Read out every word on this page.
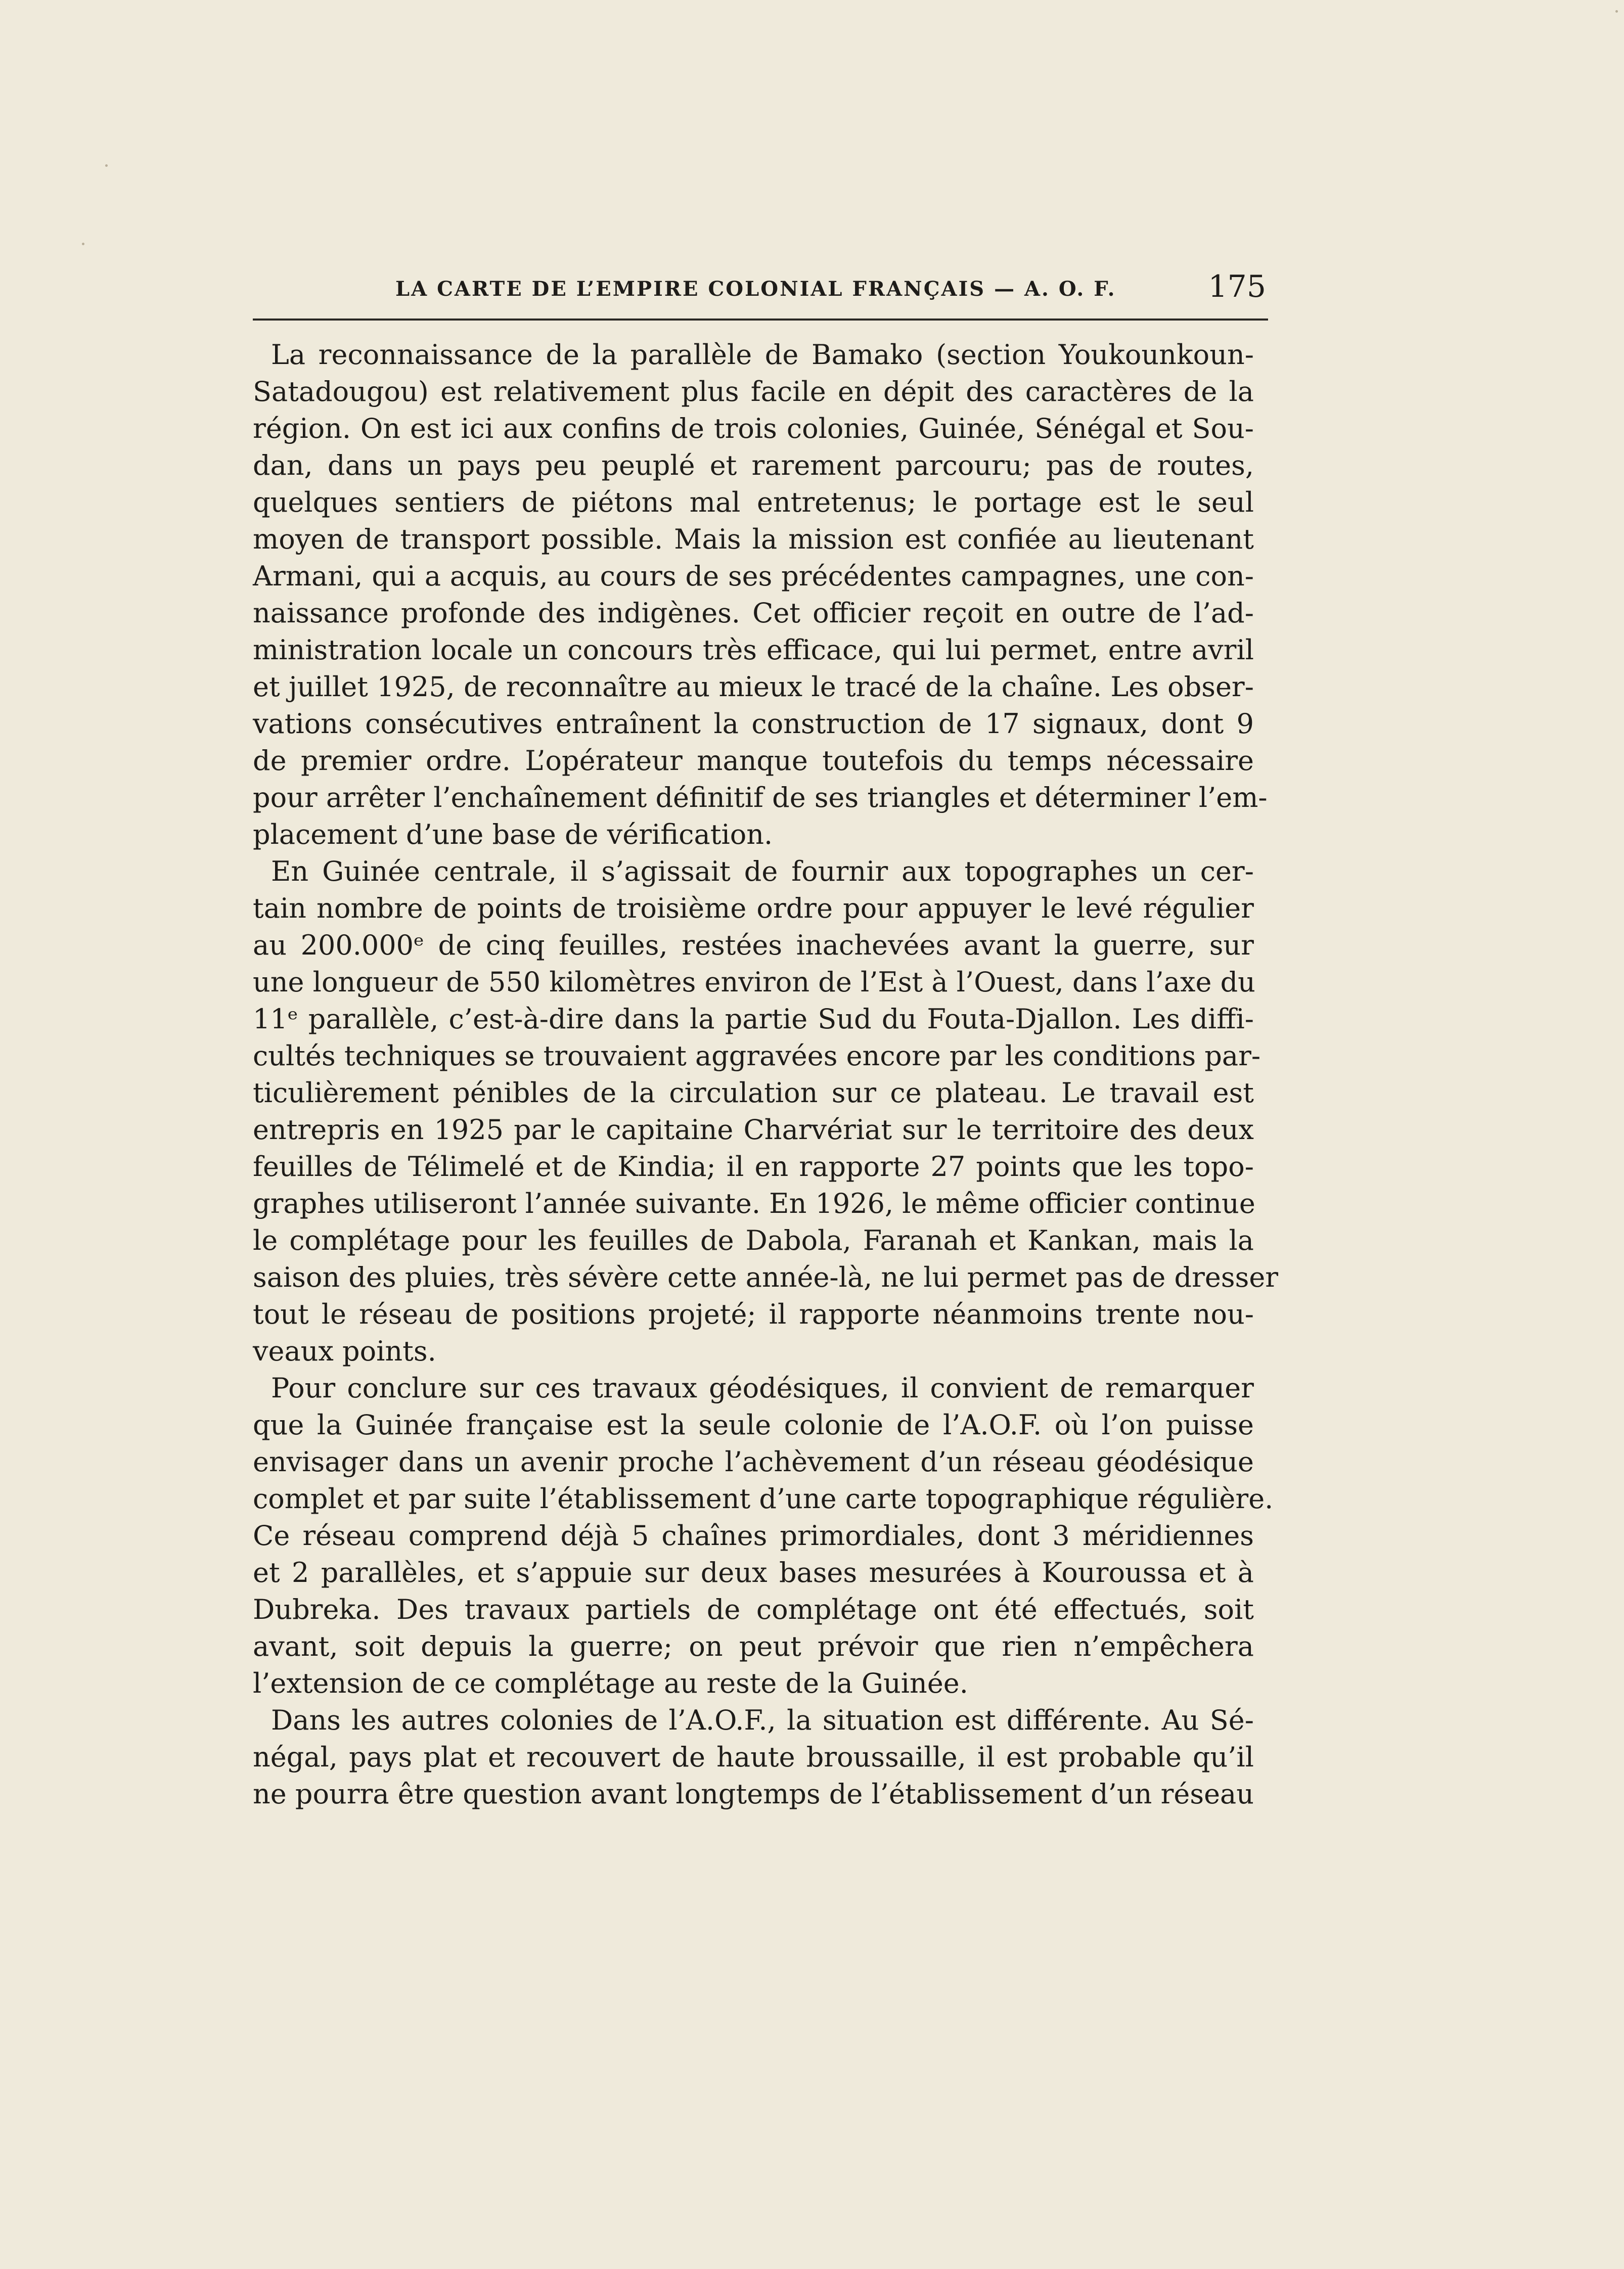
LA CARTE DE L’EMPIRE COLONIAL FRANÇAIS — A. O. F.	175
La reconnaissance de la parallèle de Bamako (section Youkounkoun-
Satadougou) est relativement plus facile en dépit des caractères de la
région. On est ici aux confins de trois colonies, Guinée, Sénégal et Sou-
dan, dans un pays peu peuplé et rarement parcouru; pas de routes,
quelques sentiers de piétons mal entretenus; le portage est le seul
moyen de transport possible. Mais la mission est confiée au lieutenant
Armani, qui a acquis, au cours de ses précédentes campagnes, une con-
naissance profonde des indigènes. Cet officier reçoit en outre de l’ad-
ministration locale un concours très efficace, qui lui permet, entre avril
et juillet 1925, de reconnaître au mieux le tracé de la chaîne. Les obser-
vations consécutives entraînent la construction de 17 signaux, dont 9
de premier ordre. L’opérateur manque toutefois du temps nécessaire
pour arrêter l’enchaînement définitif de ses triangles et déterminer l’em-
placement d’une base de vérification.
En Guinée centrale, il s’agissait de fournir aux topographes un cer-
tain nombre de points de troisième ordre pour appuyer le levé régulier
au 200.000ᵉ de cinq feuilles, restées inachevées avant la guerre, sur
une longueur de 550 kilomètres environ de l’Est à l’Ouest, dans l’axe du
11ᵉ parallèle, c’est-à-dire dans la partie Sud du Fouta-Djallon. Les diffi-
cultés techniques se trouvaient aggravées encore par les conditions par-
ticulièrement pénibles de la circulation sur ce plateau. Le travail est
entrepris en 1925 par le capitaine Charvériat sur le territoire des deux
feuilles de Télimelé et de Kindia; il en rapporte 27 points que les topo-
graphes utiliseront l’année suivante. En 1926, le même officier continue
le complétage pour les feuilles de Dabola, Faranah et Kankan, mais la
saison des pluies, très sévère cette année-là, ne lui permet pas de dresser
tout le réseau de positions projeté; il rapporte néanmoins trente nou-
veaux points.
Pour conclure sur ces travaux géodésiques, il convient de remarquer
que la Guinée française est la seule colonie de l’A.O.F. où l’on puisse
envisager dans un avenir proche l’achèvement d’un réseau géodésique
complet et par suite l’établissement d’une carte topographique régulière.
Ce réseau comprend déjà 5 chaînes primordiales, dont 3 méridiennes
et 2 parallèles, et s’appuie sur deux bases mesurées à Kouroussa et à
Dubreka. Des travaux partiels de complétage ont été effectués, soit
avant, soit depuis la guerre; on peut prévoir que rien n’empêchera
l’extension de ce complétage au reste de la Guinée.
Dans les autres colonies de l’A.O.F., la situation est différente. Au Sé-
négal, pays plat et recouvert de haute broussaille, il est probable qu’il
ne pourra être question avant longtemps de l’établissement d’un réseau
